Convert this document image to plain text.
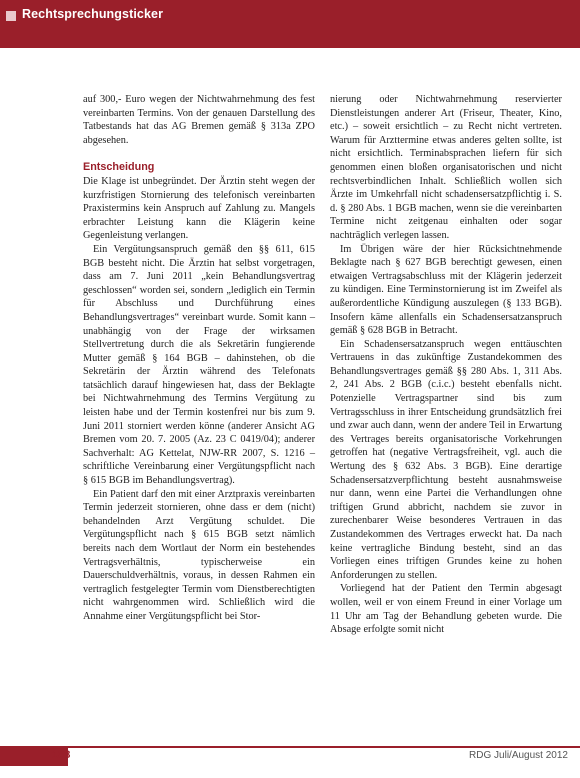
Rechtsprechungsticker

auf 300,- Euro wegen der Nichtwahrnehmung des fest vereinbarten Termins. Von der genauen Darstellung des Tatbestands hat das AG Bremen gemäß § 313a ZPO abgesehen.

Entscheidung

Die Klage ist unbegründet. Der Ärztin steht wegen der kurzfristigen Stornierung des telefonisch vereinbarten Praxistermins kein Anspruch auf Zahlung zu. Mangels erbrachter Leistung kann die Klägerin keine Gegenleistung verlangen.

Ein Vergütungsanspruch gemäß den §§ 611, 615 BGB besteht nicht. Die Ärztin hat selbst vorgetragen, dass am 7. Juni 2011 „kein Behandlungsvertrag geschlossen“ worden sei, sondern „lediglich ein Termin für Abschluss und Durchführung eines Behandlungsvertrages“ vereinbart wurde. Somit kann – unabhängig von der Frage der wirksamen Stellvertretung durch die als Sekretärin fungierende Mutter gemäß § 164 BGB – dahinstehen, ob die Sekretärin der Ärztin während des Telefonats tatsächlich darauf hingewiesen hat, dass der Beklagte bei Nichtwahrnehmung des Termins Vergütung zu leisten habe und der Termin kostenfrei nur bis zum 9. Juni 2011 storniert werden könne (anderer Ansicht AG Bremen vom 20. 7. 2005 (Az. 23 C 0419/04); anderer Sachverhalt: AG Kettelat, NJW-RR 2007, S. 1216 – schriftliche Vereinbarung einer Vergütungspflicht nach § 615 BGB im Behandlungsvertrag).

Ein Patient darf den mit einer Arztpraxis vereinbarten Termin jederzeit stornieren, ohne dass er dem (nicht) behandelnden Arzt Vergütung schuldet. Die Vergütungspflicht nach § 615 BGB setzt nämlich bereits nach dem Wortlaut der Norm ein bestehendes Vertragsverhältnis, typischerweise ein Dauerschuldverhältnis, voraus, in dessen Rahmen ein vertraglich festgelegter Termin vom Dienstberechtigten nicht wahrgenommen wird. Schließlich wird die Annahme einer Vergütungspflicht bei Stor-

nierung oder Nichtwahrnehmung reservierter Dienstleistungen anderer Art (Friseur, Theater, Kino, etc.) – soweit ersichtlich – zu Recht nicht vertreten. Warum für Arzttermine etwas anderes gelten sollte, ist nicht ersichtlich. Terminabsprachen liefern für sich genommen einen bloßen organisatorischen und nicht rechtsverbindlichen Inhalt. Schließlich wollen sich Ärzte im Umkehrfall nicht schadensersatzpflichtig i. S. d. § 280 Abs. 1 BGB machen, wenn sie die vereinbarten Termine nicht zeitgenau einhalten oder sogar nachträglich verlegen lassen.

Im Übrigen wäre der hier Rücksichtnehmende Beklagte nach § 627 BGB berechtigt gewesen, einen etwaigen Vertragsabschluss mit der Klägerin jederzeit zu kündigen. Eine Terminstornierung ist im Zweifel als außerordentliche Kündigung auszulegen (§ 133 BGB). Insofern käme allenfalls ein Schadensersatzanspruch gemäß § 628 BGB in Betracht.

Ein Schadensersatzanspruch wegen enttäuschten Vertrauens in das zukünftige Zustandekommen des Behandlungsvertrages gemäß §§ 280 Abs. 1, 311 Abs. 2, 241 Abs. 2 BGB (c.i.c.) besteht ebenfalls nicht. Potenzielle Vertragspartner sind bis zum Vertragsschluss in ihrer Entscheidung grundsätzlich frei und zwar auch dann, wenn der andere Teil in Erwartung des Vertrages bereits organisatorische Vorkehrungen getroffen hat (negative Vertragsfreiheit, vgl. auch die Wertung des § 632 Abs. 3 BGB). Eine derartige Schadensersatzverpflichtung besteht ausnahmsweise nur dann, wenn eine Partei die Verhandlungen ohne triftigen Grund abbricht, nachdem sie zuvor in zurechenbarer Weise besonderes Vertrauen in das Zustandekommen des Vertrages erweckt hat. Da nach keine vertragliche Bindung besteht, sind an das Vorliegen eines triftigen Grundes keine zu hohen Anforderungen zu stellen.

Vorliegend hat der Patient den Termin abgesagt wollen, weil er von einem Freund in einer Vorlage um 11 Uhr am Tag der Behandlung gebeten wurde. Die Absage erfolgte somit nicht

188	RDG Juli/August 2012
